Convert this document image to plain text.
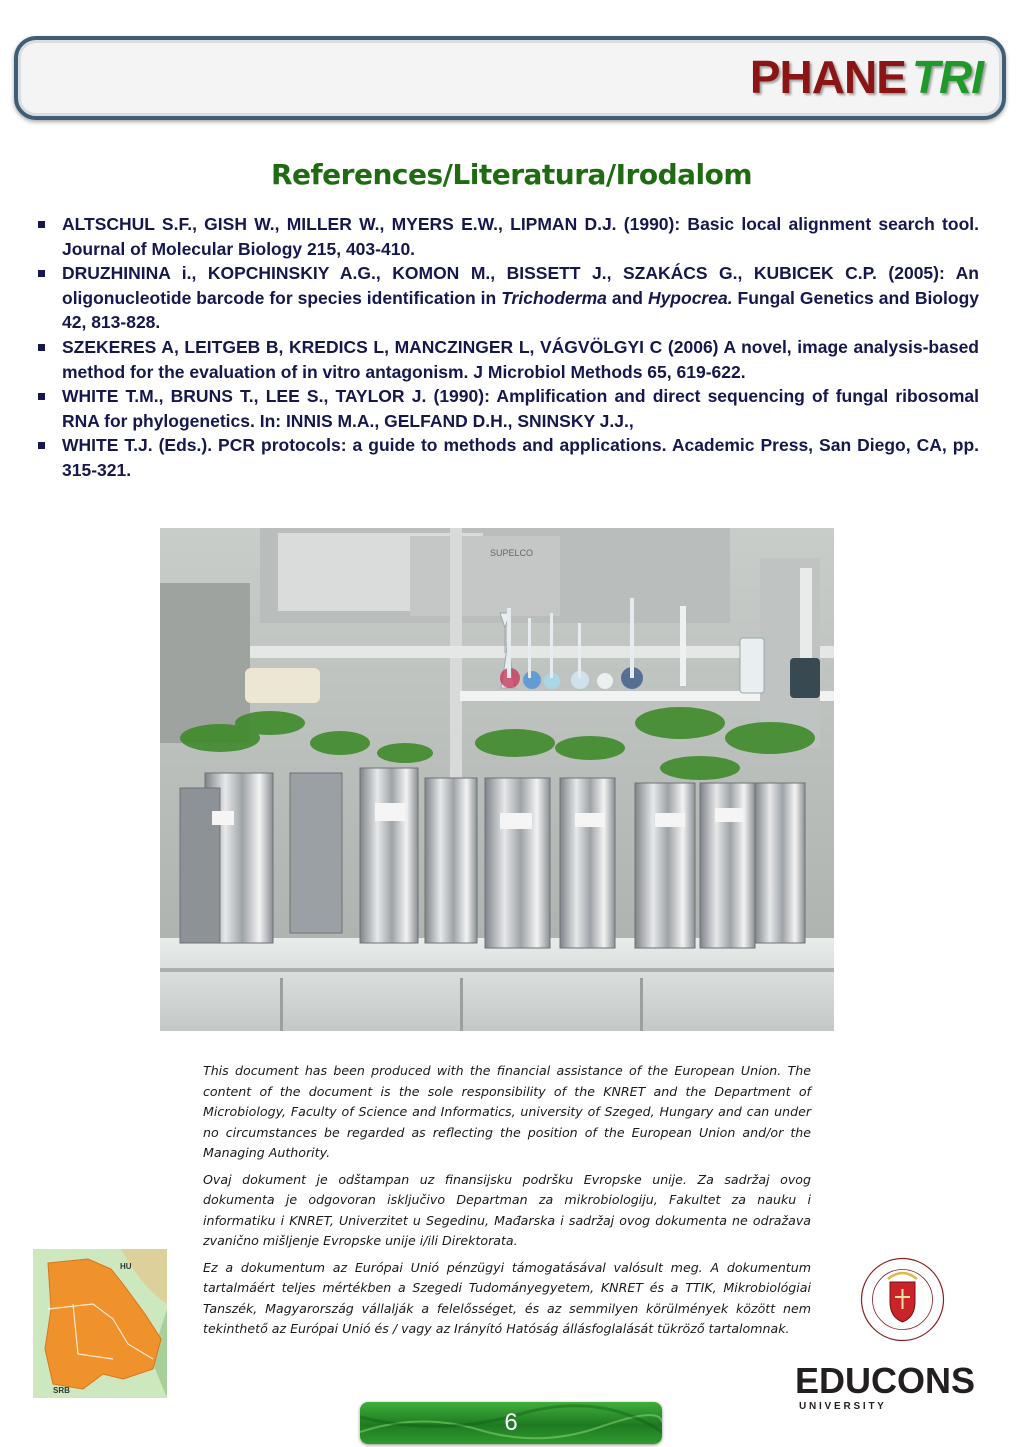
PHANE TRI
References/Literatura/Irodalom
ALTSCHUL S.F., GISH W., MILLER W., MYERS E.W., LIPMAN D.J. (1990): Basic local alignment search tool. Journal of Molecular Biology 215, 403-410.
DRUZHININA i., KOPCHINSKIY A.G., KOMON M., BISSETT J., SZAKÁCS G., KUBICEK C.P. (2005): An oligonucleotide barcode for species identification in Trichoderma and Hypocrea. Fungal Genetics and Biology 42, 813-828.
SZEKERES A, LEITGEB B, KREDICS L, MANCZINGER L, VÁGVÖLGYI C (2006) A novel, image analysis-based method for the evaluation of in vitro antagonism. J Microbiol Methods 65, 619-622.
WHITE T.M., BRUNS T., LEE S., TAYLOR J. (1990): Amplification and direct sequencing of fungal ribosomal RNA for phylogenetics. In: INNIS M.A., GELFAND D.H., SNINSKY J.J.,
WHITE T.J. (Eds.). PCR protocols: a guide to methods and applications. Academic Press, San Diego, CA, pp. 315-321.
SUPELCO

This document has been produced with the financial assistance of the European Union. The content of the document is the sole responsibility of the KNRET and the Department of Microbiology, Faculty of Science and Informatics, university of Szeged, Hungary and can under no circumstances be regarded as reflecting the position of the European Union and/or the Managing Authority.

Ovaj dokument je odštampan uz finansijsku podršku Evropske unije. Za sadržaj ovog dokumenta je odgovoran isključivo Departman za mikrobiologiju, Fakultet za nauku i informatiku i KNRET, Univerzitet u Segedinu, Mađarska i sadržaj ovog dokumenta ne odražava zvanično mišljenje Evropske unije i/ili Direktorata.

Ez a dokumentum az Európai Unió pénzügyi támogatásával valósult meg. A dokumentum tartalmáért teljes mértékben a Szegedi Tudományegyetem, KNRET és a TTIK, Mikrobiológiai Tanszék, Magyarország vállalják a felelősséget, és az semmilyen körülmények között nem tekinthető az Európai Unió és / vagy az Irányító Hatóság állásfoglalását tükröző tartalomnak.

HU
SRB	EDUCONS
U N I V E R S I T Y
6
